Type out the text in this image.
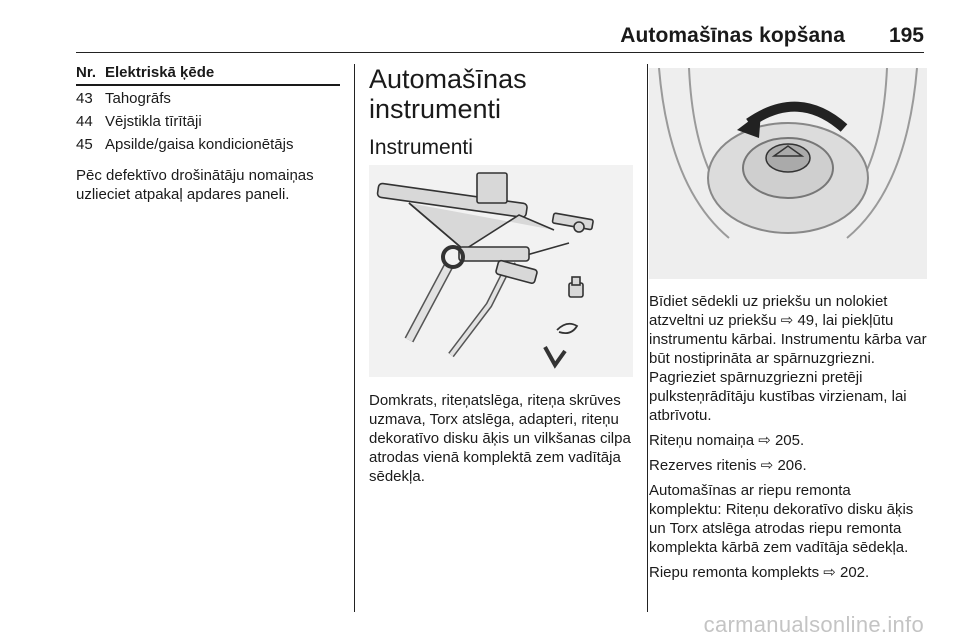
Automašīnas kopšana 195
Nr. Elektriskā ķēde
43 Tahogrāfs
44 Vējstikla tīrītāji
45 Apsilde/gaisa kondicionētājs

Pēc defektīvo drošinātāju nomaiņas uzlieciet atpakaļ apdares paneli.

Automašīnas instrumenti
Instrumenti

Domkrats, riteņatslēga, riteņa skrūves uzmava, Torx atslēga, adapteri, riteņu dekoratīvo disku āķis un vilkšanas cilpa atrodas vienā komplektā zem vadītāja sēdekļa.

Bīdiet sēdekli uz priekšu un nolokiet atzveltni uz priekšu ⇨ 49, lai piekļūtu instrumentu kārbai. Instrumentu kārba var būt nostiprināta ar spārnuzgriezni. Pagrieziet spārnuzgriezni pretēji pulksteņrādītāju kustības virzienam, lai atbrīvotu.

Riteņu nomaiņa ⇨ 205.

Rezerves ritenis ⇨ 206.

Automašīnas ar riepu remonta komplektu: Riteņu dekoratīvo disku āķis un Torx atslēga atrodas riepu remonta komplekta kārbā zem vadītāja sēdekļa.

Riepu remonta komplekts ⇨ 202.

carmanualsonline.info
